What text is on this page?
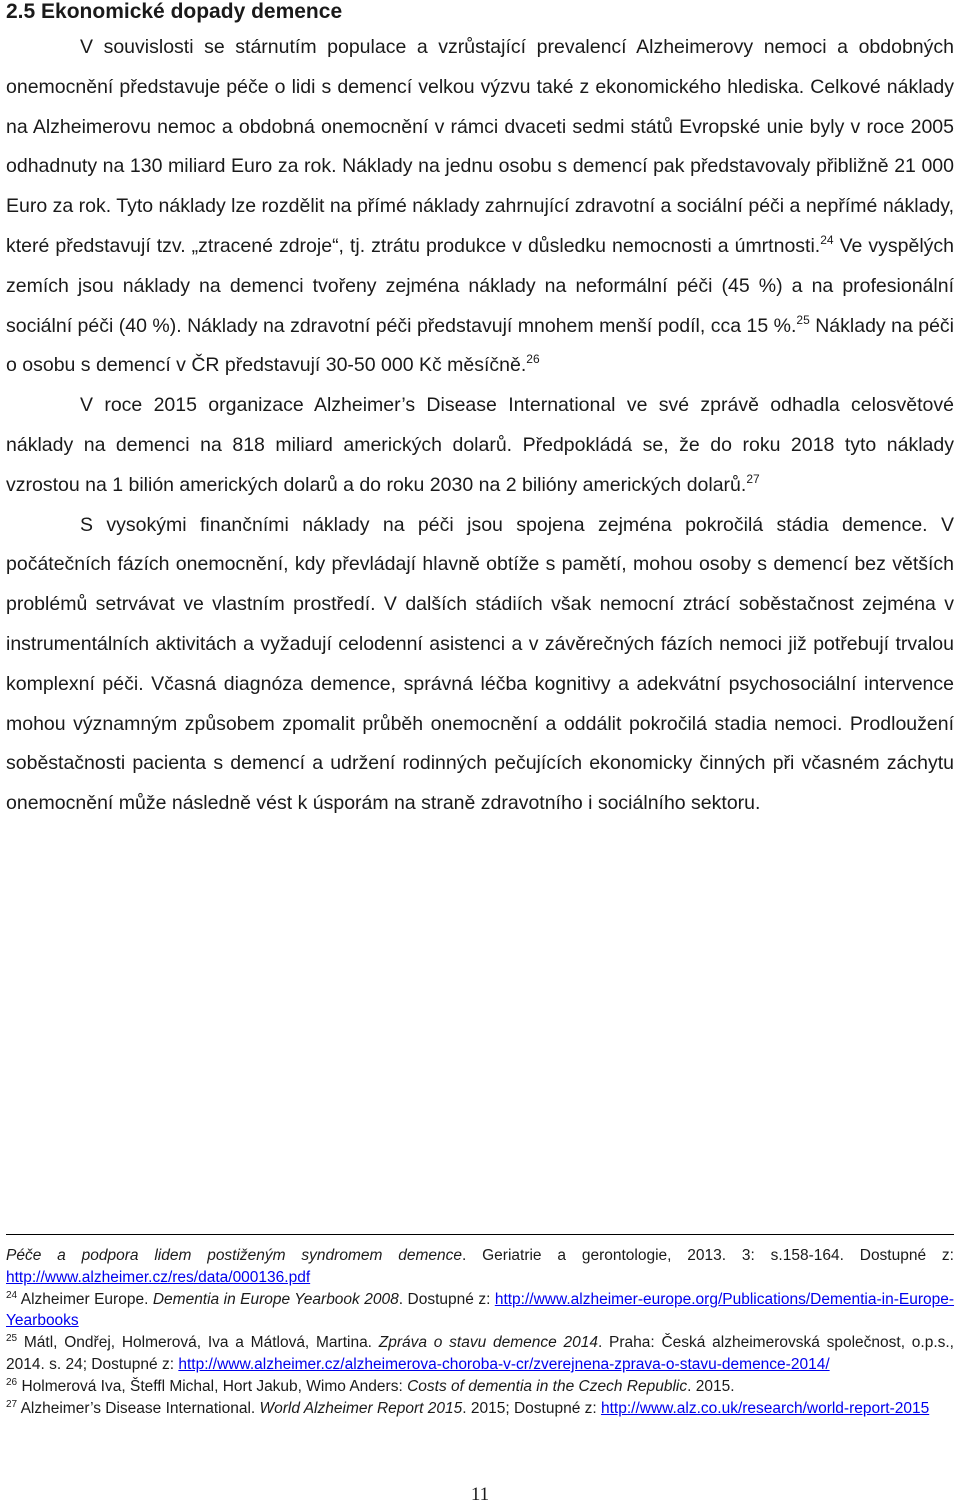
2.5 Ekonomické dopady demence

V souvislosti se stárnutím populace a vzrůstající prevalencí Alzheimerovy nemoci a obdobných onemocnění představuje péče o lidi s demencí velkou výzvu také z ekonomického hlediska. Celkové náklady na Alzheimerovu nemoc a obdobná onemocnění v rámci dvaceti sedmi států Evropské unie byly v roce 2005 odhadnuty na 130 miliard Euro za rok. Náklady na jednu osobu s demencí pak představovaly přibližně 21 000 Euro za rok. Tyto náklady lze rozdělit na přímé náklady zahrnující zdravotní a sociální péči a nepřímé náklady, které představují tzv. „ztracené zdroje“, tj. ztrátu produkce v důsledku nemocnosti a úmrtnosti.$^{24}$ Ve vyspělých zemích jsou náklady na demenci tvořeny zejména náklady na neformální péči (45 %) a na profesionální sociální péči (40 %). Náklady na zdravotní péči představují mnohem menší podíl, cca 15 %.$^{25}$ Náklady na péči o osobu s demencí v ČR představují 30-50 000 Kč měsíčně.$^{26}$

V roce 2015 organizace Alzheimer’s Disease International ve své zprávě odhadla celosvětové náklady na demenci na 818 miliard amerických dolarů. Předpokládá se, že do roku 2018 tyto náklady vzrostou na 1 bilión amerických dolarů a do roku 2030 na 2 bilióny amerických dolarů.$^{27}$

S vysokými finančními náklady na péči jsou spojena zejména pokročilá stádia demence. V počátečních fázích onemocnění, kdy převládají hlavně obtíže s pamětí, mohou osoby s demencí bez větších problémů setrvávat ve vlastním prostředí. V dalších stádiích však nemocní ztrácí soběstačnost zejména v instrumentálních aktivitách a vyžadují celodenní asistenci a v závěrečných fázích nemoci již potřebují trvalou komplexní péči. Včasná diagnóza demence, správná léčba kognitivy a adekvátní psychosociální intervence mohou významným způsobem zpomalit průběh onemocnění a oddálit pokročilá stadia nemoci. Prodloužení soběstačnosti pacienta s demencí a udržení rodinných pečujících ekonomicky činných při včasném záchytu onemocnění může následně vést k úsporám na straně zdravotního i sociálního sektoru.

Péče a podpora lidem postiženým syndromem demence. Geriatrie a gerontologie, 2013. 3: s.158-164. Dostupné z: http://www.alzheimer.cz/res/data/000136.pdf

$^{24}$ Alzheimer Europe. Dementia in Europe Yearbook 2008. Dostupné z: http://www.alzheimer-europe.org/Publications/Dementia-in-Europe-Yearbooks

$^{25}$ Mátl, Ondřej, Holmerová, Iva a Mátlová, Martina. Zpráva o stavu demence 2014. Praha: Česká alzheimerovská společnost, o.p.s., 2014. s. 24; Dostupné z: http://www.alzheimer.cz/alzheimerova-choroba-v-cr/zverejnena-zprava-o-stavu-demence-2014/

$^{26}$ Holmerová Iva, Šteffl Michal, Hort Jakub, Wimo Anders: Costs of dementia in the Czech Republic. 2015.

$^{27}$ Alzheimer’s Disease International. World Alzheimer Report 2015. 2015; Dostupné z: http://www.alz.co.uk/research/world-report-2015

11
